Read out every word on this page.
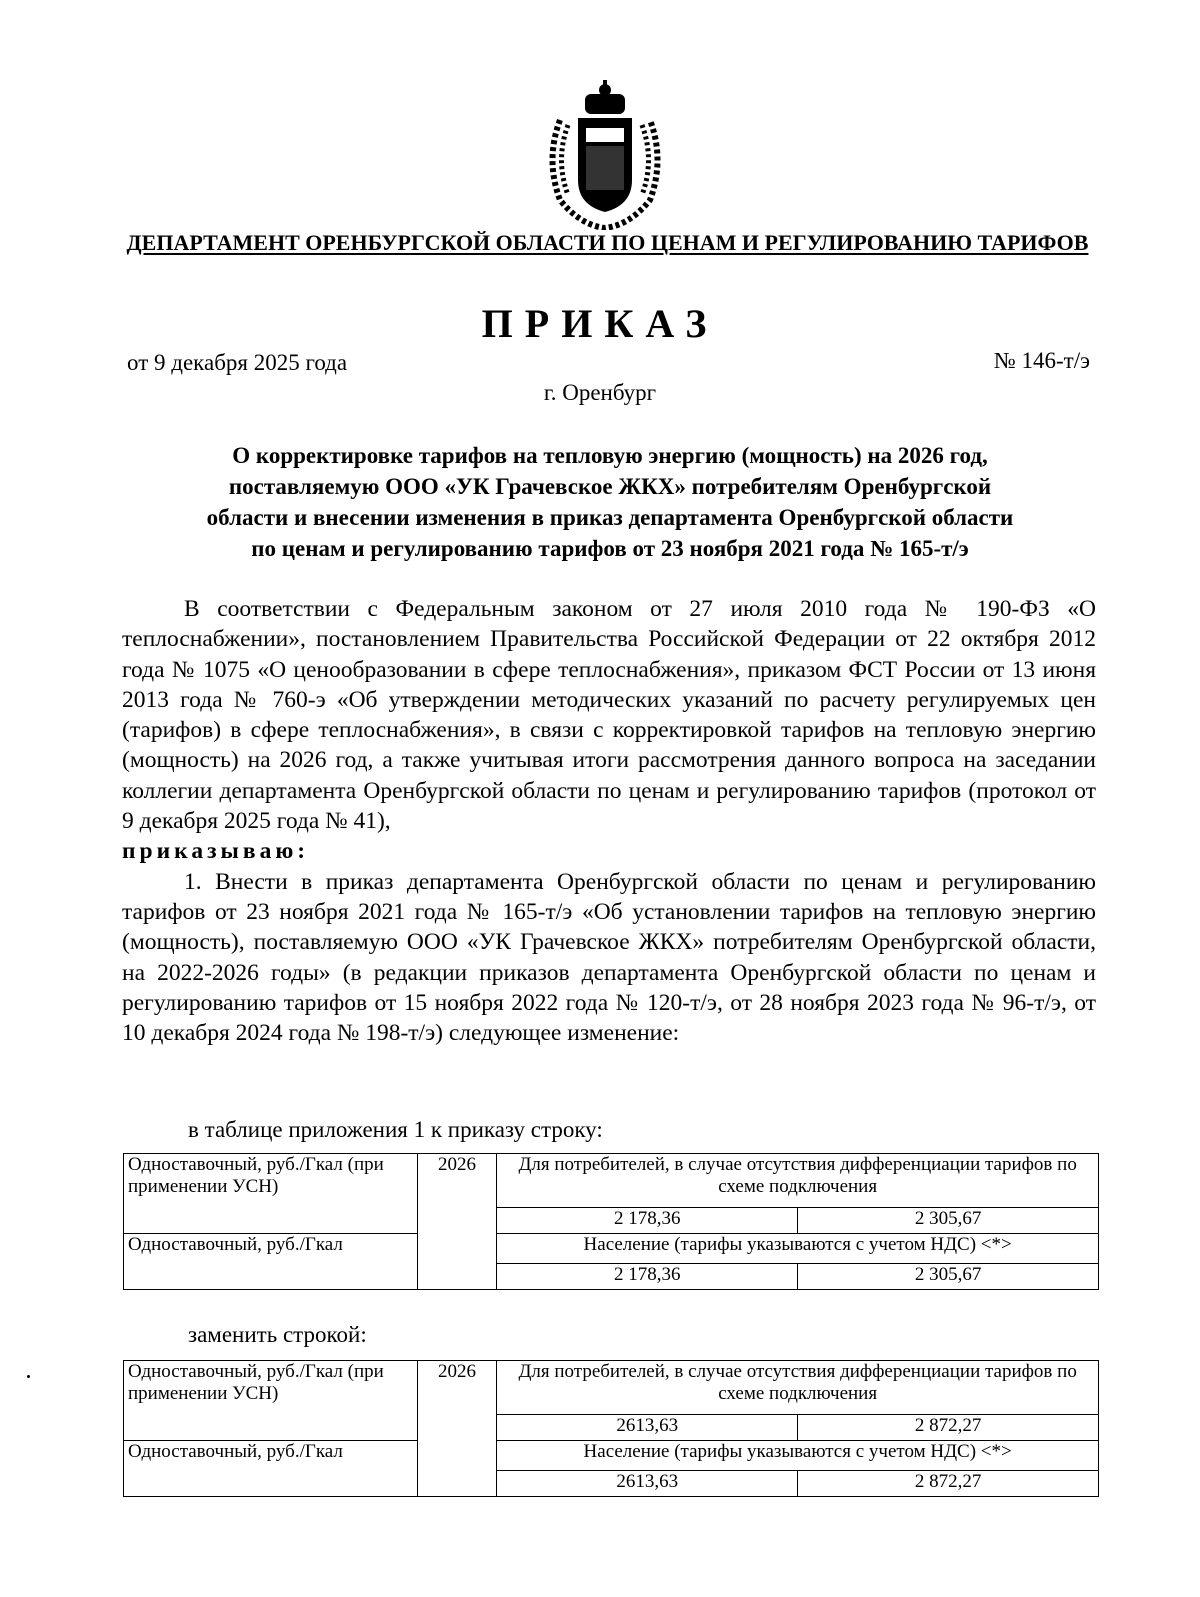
ДЕПАРТАМЕНТ ОРЕНБУРГСКОЙ ОБЛАСТИ ПО ЦЕНАМ И РЕГУЛИРОВАНИЮ ТАРИФОВ
ПРИКАЗ
от 9 декабря 2025 года	№ 146-т/э
г. Оренбург
О корректировке тарифов на тепловую энергию (мощность) на 2026 год,
поставляемую ООО «УК Грачевское ЖКХ» потребителям Оренбургской
области и внесении изменения в приказ департамента Оренбургской области
по ценам и регулированию тарифов от 23 ноября 2021 года № 165-т/э

В соответствии с Федеральным законом от 27 июля 2010 года № 190-ФЗ «О теплоснабжении», постановлением Правительства Российской Федерации от 22 октября 2012 года № 1075 «О ценообразовании в сфере теплоснабжения», приказом ФСТ России от 13 июня 2013 года № 760-э «Об утверждении методических указаний по расчету регулируемых цен (тарифов) в сфере теплоснабжения», в связи с корректировкой тарифов на тепловую энергию (мощность) на 2026 год, а также учитывая итоги рассмотрения данного вопроса на заседании коллегии департамента Оренбургской области по ценам и регулированию тарифов (протокол от 9 декабря 2025 года № 41),

приказываю:

1. Внести в приказ департамента Оренбургской области по ценам и регулированию тарифов от 23 ноября 2021 года № 165-т/э «Об установлении тарифов на тепловую энергию (мощность), поставляемую ООО «УК Грачевское ЖКХ» потребителям Оренбургской области, на 2022-2026 годы» (в редакции приказов департамента Оренбургской области по ценам и регулированию тарифов от 15 ноября 2022 года № 120-т/э, от 28 ноября 2023 года № 96-т/э, от 10 декабря 2024 года № 198-т/э) следующее изменение:

в таблице приложения 1 к приказу строку:
Одноставочный, руб./Гкал (при применении УСН)	2026	Для потребителей, в случае отсутствия дифференциации тарифов по схеме подключения	
		2 178,36	2 305,67
Одноставочный, руб./Гкал		Население (тарифы указываются с учетом НДС) <*>	
		2 178,36	2 305,67
заменить строкой:
Одноставочный, руб./Гкал (при применении УСН)	2026	Для потребителей, в случае отсутствия дифференциации тарифов по схеме подключения	
		2613,63	2 872,27
Одноставочный, руб./Гкал		Население (тарифы указываются с учетом НДС) <*>	
		2613,63	2 872,27
